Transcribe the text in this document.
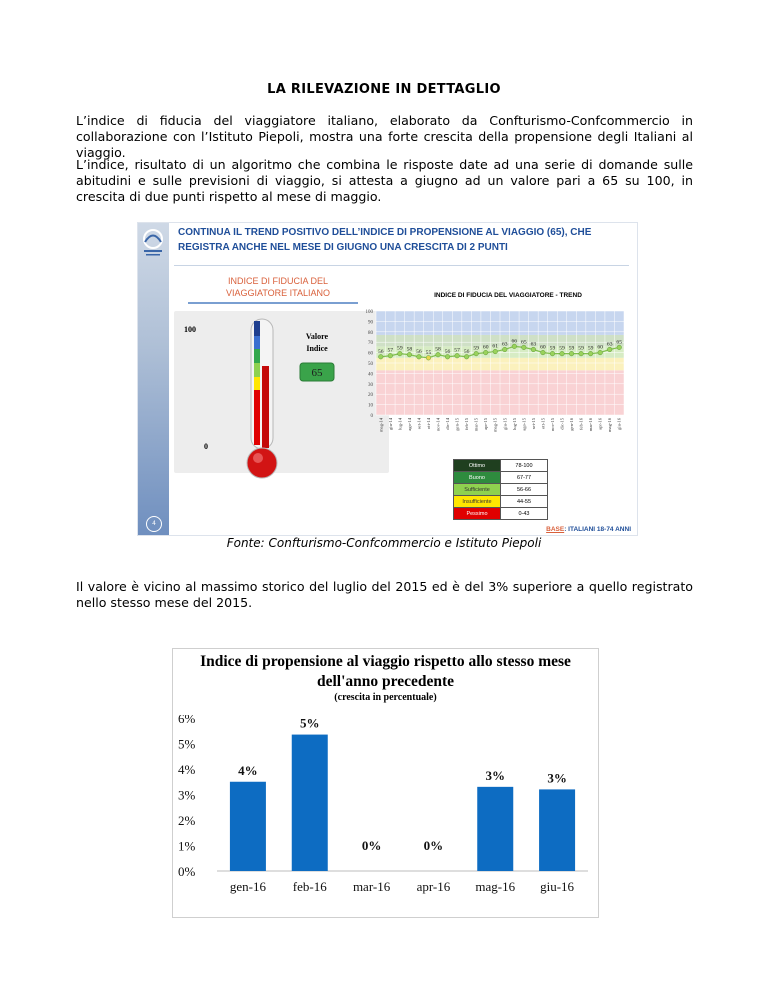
LA RILEVAZIONE IN DETTAGLIO

L’indice di fiducia del viaggiatore italiano, elaborato da Confturismo-Confcommercio in collaborazione con l’Istituto Piepoli, mostra una forte crescita della propensione degli Italiani al viaggio.

L’indice, risultato di un algoritmo che combina le risposte date ad una serie di domande sulle abitudini e sulle previsioni di viaggio, si attesta a giugno ad un valore pari a 65 su 100, in crescita di due punti rispetto al mese di maggio.

CONTINUA IL TREND POSITIVO DELL’INDICE DI PROPENSIONE AL VIAGGIO (65), CHE REGISTRA ANCHE NEL MESE DI GIUGNO UNA CRESCITA DI 2 PUNTI
INDICE DI FIDUCIA DEL VIAGGIATORE ITALIANO
100
0
Valore
Indice
65
INDICE DI FIDUCIA DEL VIAGGIATORE - TREND
0
10
20
30
40
50
60
70
80
90
100
56
mag-14
57
giu-14
59
lug-14
58
ago-14
56
set-14
55
ott-14
58
nov-14
56
dic-14
57
gen-15
56
feb-15
59
mar-15
60
apr-15
61
mag-15
63
giu-15
66
lug-15
65
ago-15
63
set-15
60
ott-15
59
nov-15
59
dic-15
59
gen-16
59
feb-16
59
mar-16
60
apr-16
63
mag-16
65
giu-16
Ottimo	78-100
Buono	67-77
Sufficiente	56-66
Insufficiente	44-55
Pessimo	0-43
4
BASE: ITALIANI 18-74 ANNI
Fonte: Confturismo-Confcommercio e Istituto Piepoli

Il valore è vicino al massimo storico del luglio del 2015 ed è del 3% superiore a quello registrato nello stesso mese del 2015.

Indice di propensione al viaggio rispetto allo stesso mese dell'anno precedente
(crescita in percentuale)
0%
1%
2%
3%
4%
5%
6%
4%
gen-16
5%
feb-16
0%
mar-16
0%
apr-16
3%
mag-16
3%
giu-16
